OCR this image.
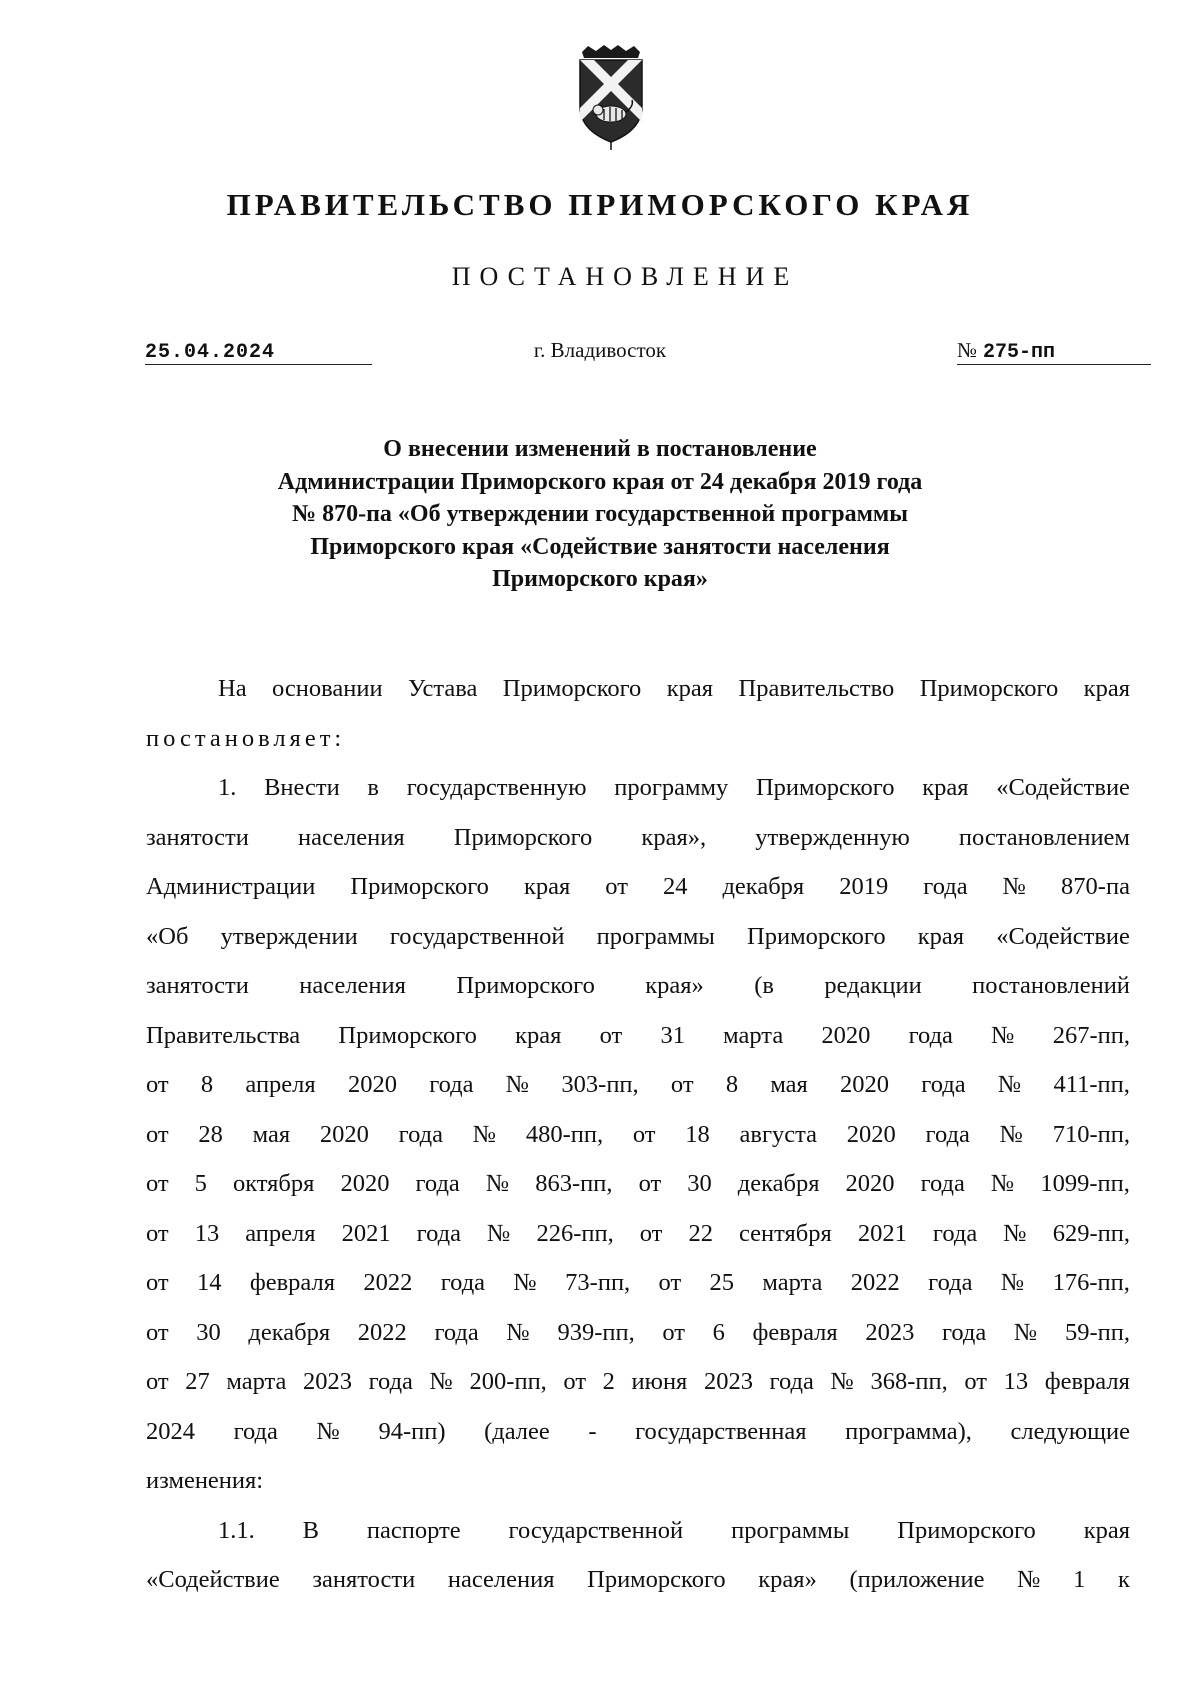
ПРАВИТЕЛЬСТВО ПРИМОРСКОГО КРАЯ
ПОСТАНОВЛЕНИЕ
25.04.2024	г. Владивосток	№ 275-пп
О внесении изменений в постановление
Администрации Приморского края от 24 декабря 2019 года
№ 870-па «Об утверждении государственной программы
Приморского края «Содействие занятости населения
Приморского края»
На основании Устава Приморского края Правительство Приморского края
постановляет:
1. Внести в государственную программу Приморского края «Содействие
занятости населения Приморского края», утвержденную постановлением
Администрации Приморского края от 24 декабря 2019 года № 870-па
«Об утверждении государственной программы Приморского края «Содействие
занятости населения Приморского края» (в редакции постановлений
Правительства Приморского края от 31 марта 2020 года № 267-пп,
от 8 апреля 2020 года № 303-пп, от 8 мая 2020 года № 411-пп,
от 28 мая 2020 года № 480-пп, от 18 августа 2020 года № 710-пп,
от 5 октября 2020 года № 863-пп, от 30 декабря 2020 года № 1099-пп,
от 13 апреля 2021 года № 226-пп, от 22 сентября 2021 года № 629-пп,
от 14 февраля 2022 года № 73-пп, от 25 марта 2022 года № 176-пп,
от 30 декабря 2022 года № 939-пп, от 6 февраля 2023 года № 59-пп,
от 27 марта 2023 года № 200-пп, от 2 июня 2023 года № 368-пп, от 13 февраля
2024 года № 94-пп) (далее - государственная программа), следующие
изменения:
1.1. В паспорте государственной программы Приморского края
«Содействие занятости населения Приморского края» (приложение № 1 к
